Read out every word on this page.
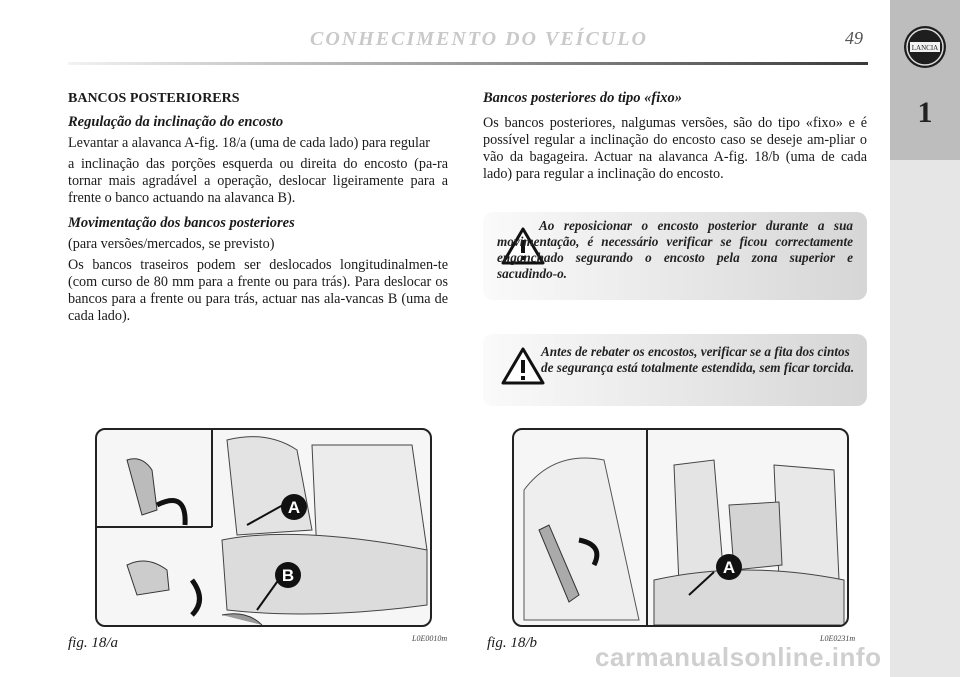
CONHECIMENTO DO VEÍCULO	49	LANCIA
1
BANCOS POSTERIORERS
Regulação da inclinação do encosto

Levantar a alavanca A-fig. 18/a (uma de cada lado) para regular

a inclinação das porções esquerda ou direita do encosto (pa-ra tornar mais agradável a operação, deslocar ligeiramente para a frente o banco actuando na alavanca B).

Movimentação dos bancos posteriores
(para versões/mercados, se previsto)

Os bancos traseiros podem ser deslocados longitudinalmen-te (com curso de 80 mm para a frente ou para trás). Para deslocar os bancos para a frente ou para trás, actuar nas ala-vancas B (uma de cada lado).

Bancos posteriores do tipo «fixo»

Os bancos posteriores, nalgumas versões, são do tipo «fixo» e é possível regular a inclinação do encosto caso se deseje am-pliar o vão da bagageira. Actuar na alavanca A-fig. 18/b (uma de cada lado) para regular a inclinação do encosto.

Ao reposicionar o encosto posterior durante a sua movimentação, é necessário verificar se ficou correctamente enganchado segurando o encosto pela zona superior e sacudindo-o.
Antes de rebater os encostos, verificar se a fita dos cintos de segurança está totalmente estendida, sem ficar torcida.
A
B	A
fig. 18/a	L0E0010m	fig. 18/b	L0E0231m
carmanualsonline.info
